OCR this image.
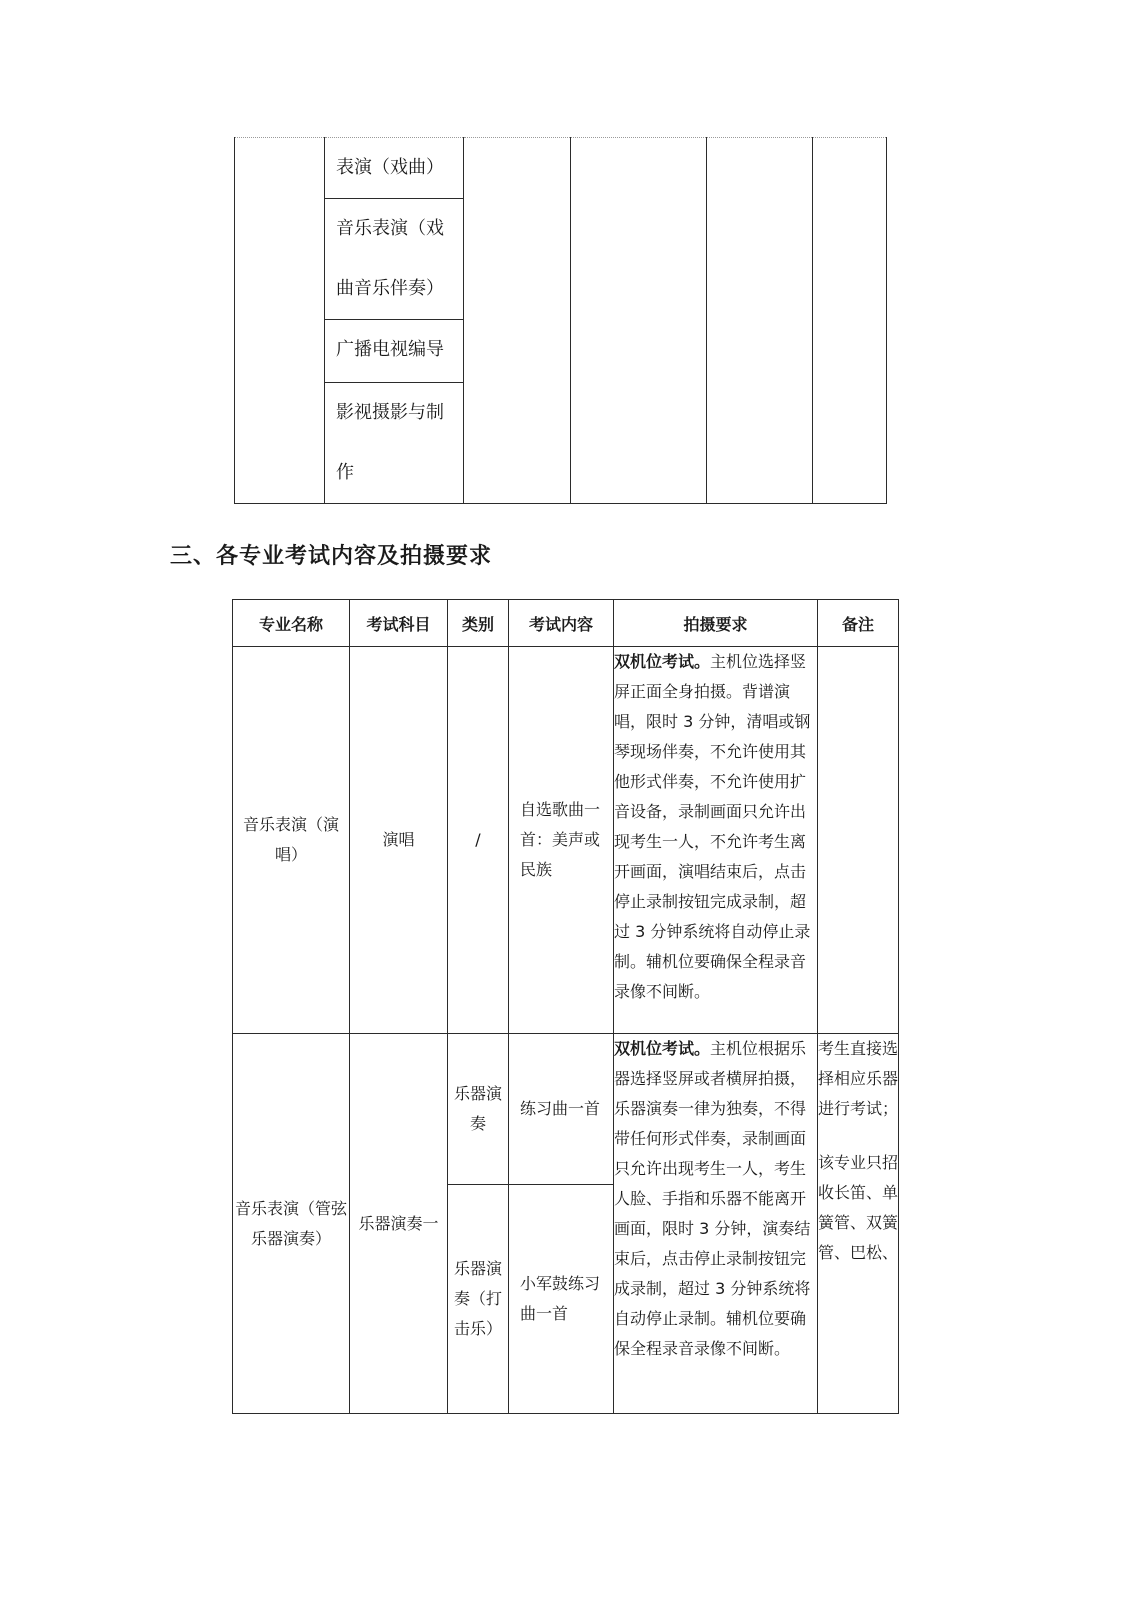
表演（戏曲）

音乐表演（戏曲音乐伴奏）

广播电视编导

影视摄影与制作
三、各专业考试内容及拍摄要求
专业名称	考试科目	类别	考试内容	拍摄要求	备注
音乐表演（演唱）	演唱	/	自选歌曲一首：美声或民族	双机位考试。主机位选择竖屏正面全身拍摄。背谱演唱，限时 3 分钟，清唱或钢琴现场伴奏，不允许使用其他形式伴奏，不允许使用扩音设备，录制画面只允许出现考生一人，不允许考生离开画面，演唱结束后，点击停止录制按钮完成录制，超过 3 分钟系统将自动停止录制。辅机位要确保全程录音录像不间断。	
音乐表演（管弦乐器演奏）	乐器演奏一	乐器演奏	练习曲一首	双机位考试。主机位根据乐器选择竖屏或者横屏拍摄，乐器演奏一律为独奏，不得带任何形式伴奏，录制画面只允许出现考生一人，考生人脸、手指和乐器不能离开画面，限时 3 分钟，演奏结束后，点击停止录制按钮完成录制，超过 3 分钟系统将自动停止录制。辅机位要确保全程录音录像不间断。	考生直接选择相应乐器进行考试；

该专业只招收长笛、单簧管、双簧管、巴松、

		乐器演奏（打击乐）	小军鼓练习曲一首		
